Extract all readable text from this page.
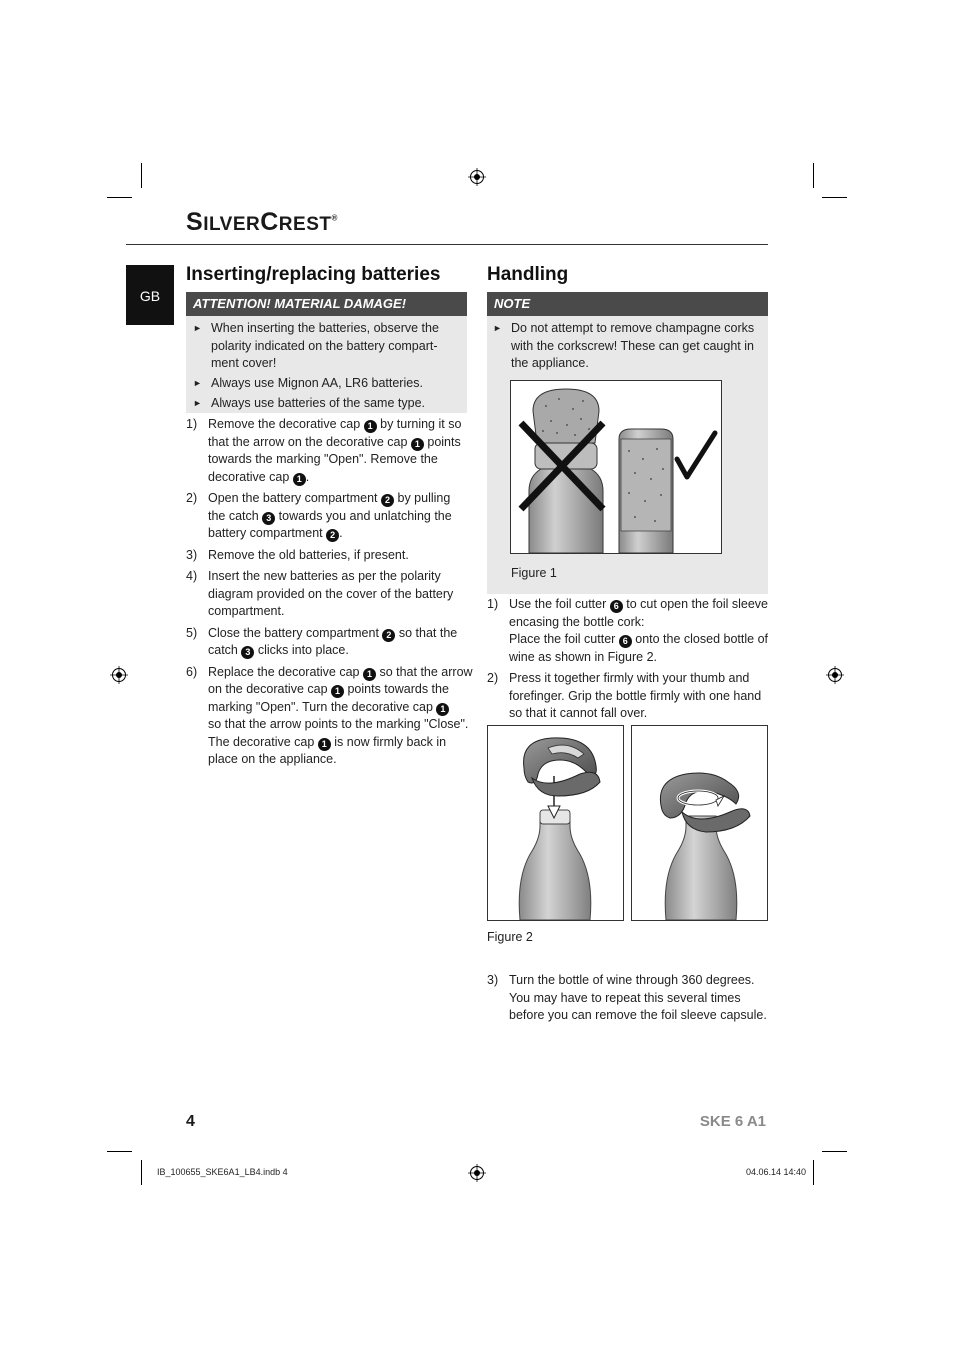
SILVERCREST®
GB
Inserting/replacing batteries
ATTENTION! MATERIAL DAMAGE!
► When inserting the batteries, observe the
polarity indicated on the battery compart-
ment cover!
► Always use Mignon AA, LR6 batteries.
► Always use batteries of the same type.
1) Remove the decorative cap 1 by turning it so
that the arrow on the decorative cap 1 points
towards the marking "Open". Remove the
decorative cap 1 .
2) Open the battery compartment 2 by pulling
the catch 3 towards you and unlatching the
battery compartment 2 .
3) Remove the old batteries, if present.
4) Insert the new batteries as per the polarity
diagram provided on the cover of the battery
compartment.
5) Close the battery compartment 2 so that the
catch 3 clicks into place.
6) Replace the decorative cap 1 so that the arrow
on the decorative cap 1 points towards the
marking "Open". Turn the decorative cap 1
so that the arrow points to the marking "Close".
The decorative cap 1 is now firmly back in
place on the appliance.
Handling
NOTE
► Do not attempt to remove champagne corks
with the corkscrew! These can get caught in
the appliance.
Figure 1
1) Use the foil cutter 6 to cut open the foil sleeve
encasing the bottle cork:
Place the foil cutter 6 onto the closed bottle of
wine as shown in Figure 2.
2) Press it together firmly with your thumb and
forefinger. Grip the bottle firmly with one hand
so that it cannot fall over.
Figure 2
3) Turn the bottle of wine through 360 degrees.
You may have to repeat this several times
before you can remove the foil sleeve capsule.
4	SKE 6 A1
IB_100655_SKE6A1_LB4.indb 4	04.06.14 14:40
